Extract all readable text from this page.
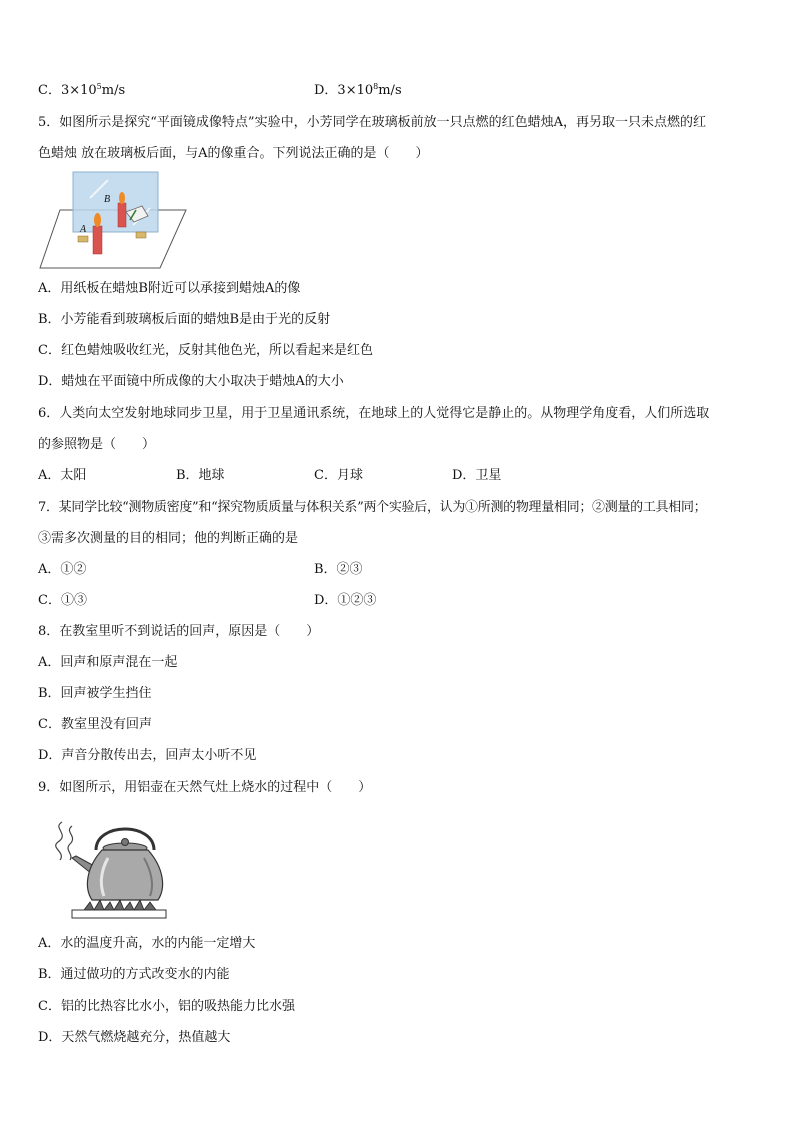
C．$3\times 10^5m/s$	D．$3\times 10^8m/s$
5．如图所示是探究“平面镜成像特点”实验中，小芳同学在玻璃板前放一只点燃的红色蜡烛A，再另取一只未点燃的红
色蜡烛 放在玻璃板后面，与A的像重合。下列说法正确的是（　　）
B
A
A．用纸板在蜡烛B附近可以承接到蜡烛A的像
B．小芳能看到玻璃板后面的蜡烛B是由于光的反射
C．红色蜡烛吸收红光，反射其他色光，所以看起来是红色
D．蜡烛在平面镜中所成像的大小取决于蜡烛A的大小
6．人类向太空发射地球同步卫星，用于卫星通讯系统，在地球上的人觉得它是静止的。从物理学角度看，人们所选取
的参照物是（　　）
A．太阳	B．地球	C．月球	D．卫星
7．某同学比较“测物质密度”和“探究物质质量与体积关系”两个实验后，认为①所测的物理量相同；②测量的工具相同；
③需多次测量的目的相同；他的判断正确的是
A．①②	B．②③
C．①③	D．①②③
8．在教室里听不到说话的回声，原因是（　　）
A．回声和原声混在一起
B．回声被学生挡住
C．教室里没有回声
D．声音分散传出去，回声太小听不见
9．如图所示，用铝壶在天然气灶上烧水的过程中（　　）
A．水的温度升高，水的内能一定增大
B．通过做功的方式改变水的内能
C．铝的比热容比水小，铝的吸热能力比水强
D．天然气燃烧越充分，热值越大
